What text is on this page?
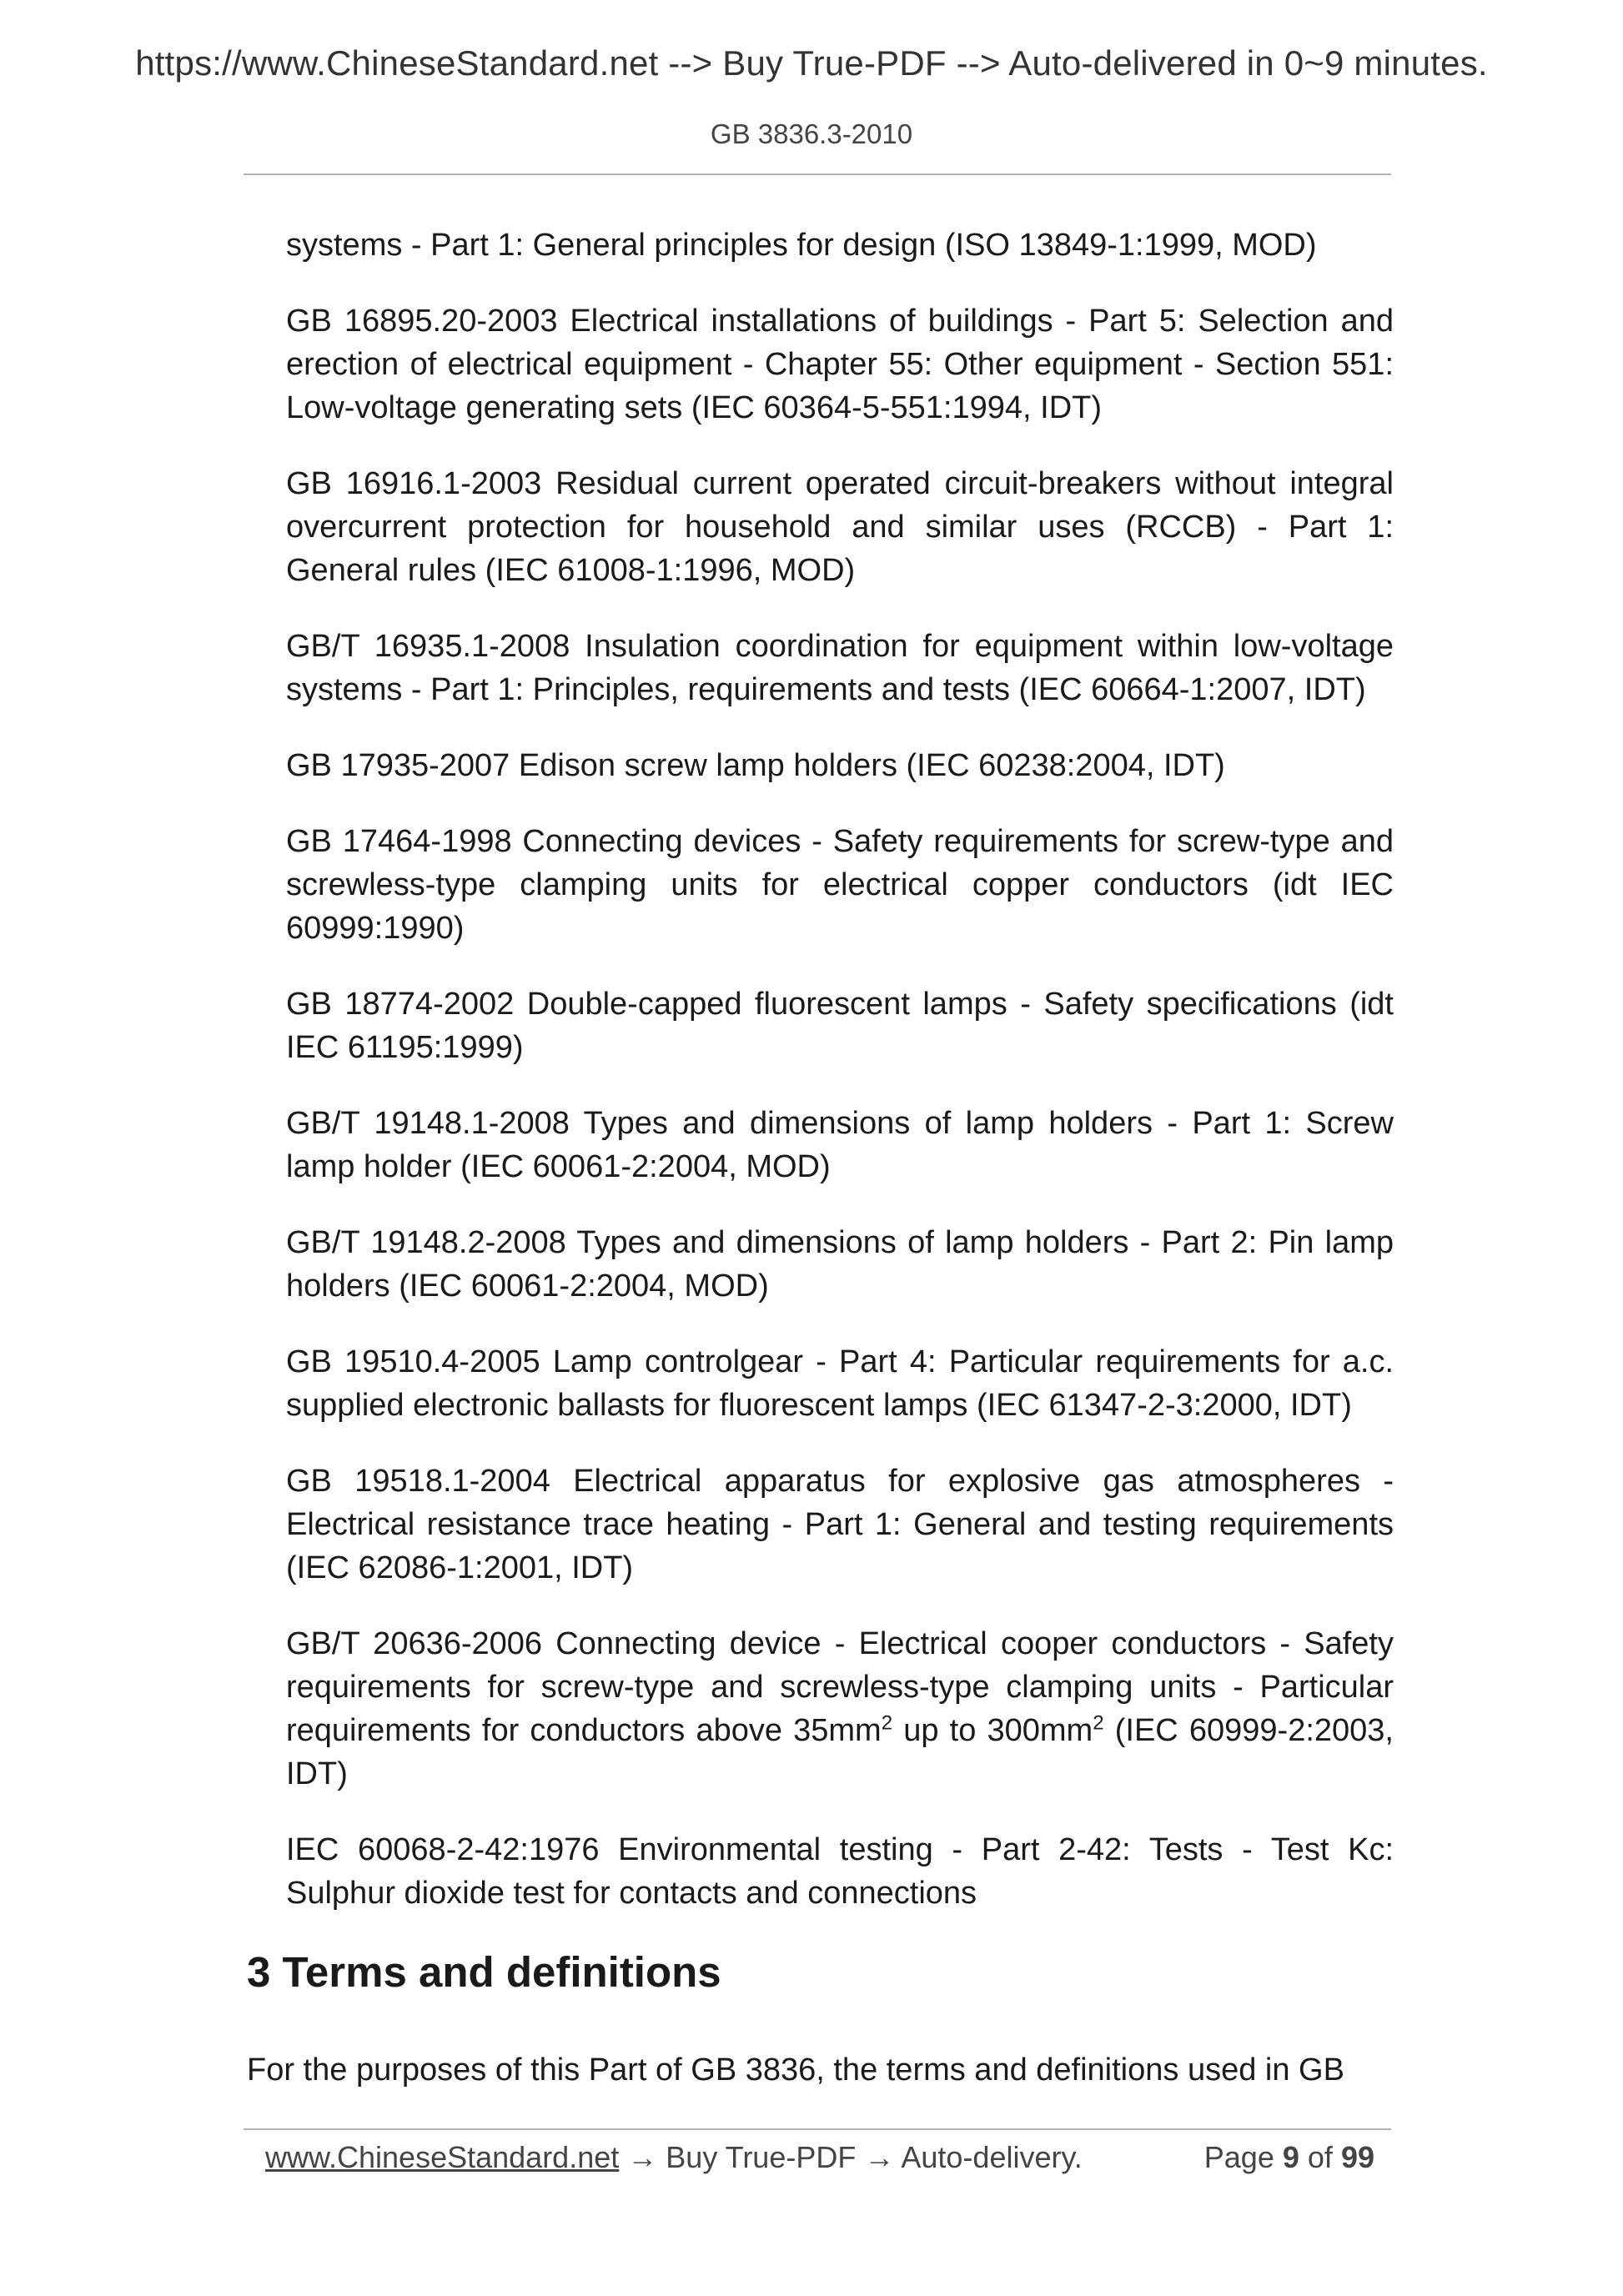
https://www.ChineseStandard.net --> Buy True-PDF --> Auto-delivered in 0~9 minutes.
GB 3836.3-2010

systems - Part 1: General principles for design (ISO 13849-1:1999, MOD)

GB 16895.20-2003 Electrical installations of buildings - Part 5: Selection and erection of electrical equipment - Chapter 55: Other equipment - Section 551: Low-voltage generating sets (IEC 60364-5-551:1994, IDT)

GB 16916.1-2003 Residual current operated circuit-breakers without integral overcurrent protection for household and similar uses (RCCB) - Part 1: General rules (IEC 61008-1:1996, MOD)

GB/T 16935.1-2008 Insulation coordination for equipment within low-voltage systems - Part 1: Principles, requirements and tests (IEC 60664-1:2007, IDT)

GB 17935-2007 Edison screw lamp holders (IEC 60238:2004, IDT)

GB 17464-1998 Connecting devices - Safety requirements for screw-type and screwless-type clamping units for electrical copper conductors (idt IEC 60999:1990)

GB 18774-2002 Double-capped fluorescent lamps - Safety specifications (idt IEC 61195:1999)

GB/T 19148.1-2008 Types and dimensions of lamp holders - Part 1: Screw lamp holder (IEC 60061-2:2004, MOD)

GB/T 19148.2-2008 Types and dimensions of lamp holders - Part 2: Pin lamp holders (IEC 60061-2:2004, MOD)

GB 19510.4-2005 Lamp controlgear - Part 4: Particular requirements for a.c. supplied electronic ballasts for fluorescent lamps (IEC 61347-2-3:2000, IDT)

GB 19518.1-2004 Electrical apparatus for explosive gas atmospheres - Electrical resistance trace heating - Part 1: General and testing requirements (IEC 62086-1:2001, IDT)

GB/T 20636-2006 Connecting device - Electrical cooper conductors - Safety requirements for screw-type and screwless-type clamping units - Particular requirements for conductors above $35mm^2$ up to $300mm^2$ (IEC 60999-2:2003, IDT)

IEC 60068-2-42:1976 Environmental testing - Part 2-42: Tests - Test Kc: Sulphur dioxide test for contacts and connections

3 Terms and definitions

For the purposes of this Part of GB 3836, the terms and definitions used in GB

www.ChineseStandard.net → Buy True-PDF → Auto-delivery.	Page 9 of 99
